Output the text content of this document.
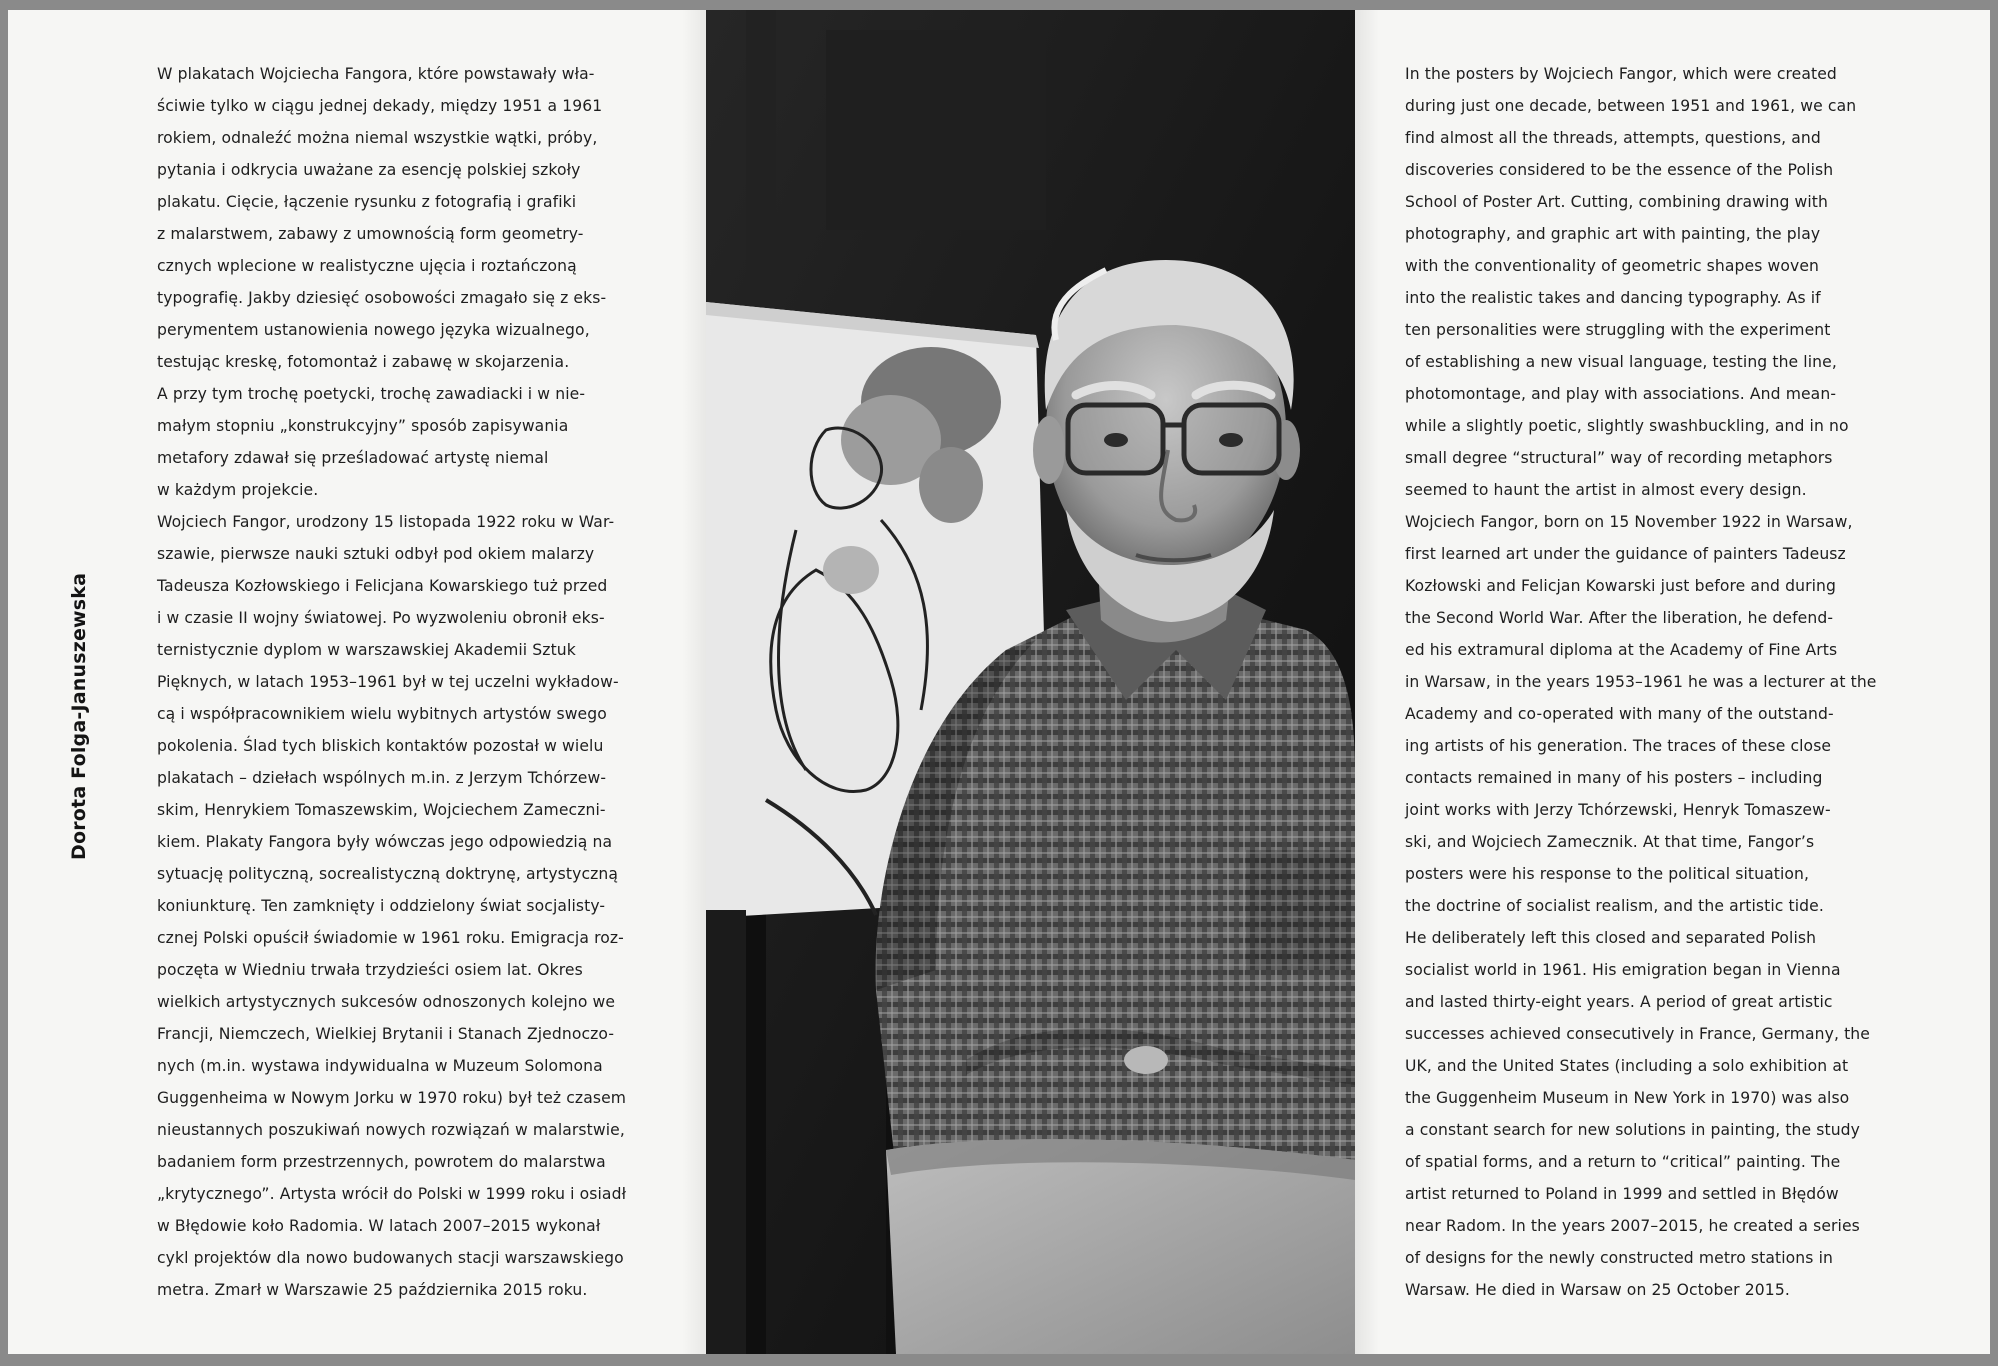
Dorota Folga-Januszewska
W plakatach Wojciecha Fangora, które powstawały wła-
ściwie tylko w ciągu jednej dekady, między 1951 a 1961
rokiem, odnaleźć można niemal wszystkie wątki, próby,
pytania i odkrycia uważane za esencję polskiej szkoły
plakatu. Cięcie, łączenie rysunku z fotografią i grafiki
z malarstwem, zabawy z umownością form geometry-
cznych wplecione w realistyczne ujęcia i roztańczoną
typografię. Jakby dziesięć osobowości zmagało się z eks-
perymentem ustanowienia nowego języka wizualnego,
testując kreskę, fotomontaż i zabawę w skojarzenia.
A przy tym trochę poetycki, trochę zawadiacki i w nie-
małym stopniu „konstrukcyjny” sposób zapisywania
metafory zdawał się prześladować artystę niemal
w każdym projekcie.
Wojciech Fangor, urodzony 15 listopada 1922 roku w War-
szawie, pierwsze nauki sztuki odbył pod okiem malarzy
Tadeusza Kozłowskiego i Felicjana Kowarskiego tuż przed
i w czasie II wojny światowej. Po wyzwoleniu obronił eks-
ternistycznie dyplom w warszawskiej Akademii Sztuk
Pięknych, w latach 1953–1961 był w tej uczelni wykładow-
cą i współpracownikiem wielu wybitnych artystów swego
pokolenia. Ślad tych bliskich kontaktów pozostał w wielu
plakatach – dziełach wspólnych m.in. z Jerzym Tchórzew-
skim, Henrykiem Tomaszewskim, Wojciechem Zameczni-
kiem. Plakaty Fangora były wówczas jego odpowiedzią na
sytuację polityczną, socrealistyczną doktrynę, artystyczną
koniunkturę. Ten zamknięty i oddzielony świat socjalisty-
cznej Polski opuścił świadomie w 1961 roku. Emigracja roz-
poczęta w Wiedniu trwała trzydzieści osiem lat. Okres
wielkich artystycznych sukcesów odnoszonych kolejno we
Francji, Niemczech, Wielkiej Brytanii i Stanach Zjednoczo-
nych (m.in. wystawa indywidualna w Muzeum Solomona
Guggenheima w Nowym Jorku w 1970 roku) był też czasem
nieustannych poszukiwań nowych rozwiązań w malarstwie,
badaniem form przestrzennych, powrotem do malarstwa
„krytycznego”. Artysta wrócił do Polski w 1999 roku i osiadł
w Błędowie koło Radomia. W latach 2007–2015 wykonał
cykl projektów dla nowo budowanych stacji warszawskiego
metra. Zmarł w Warszawie 25 października 2015 roku.
In the posters by Wojciech Fangor, which were created
during just one decade, between 1951 and 1961, we can
find almost all the threads, attempts, questions, and
discoveries considered to be the essence of the Polish
School of Poster Art. Cutting, combining drawing with
photography, and graphic art with painting, the play
with the conventionality of geometric shapes woven
into the realistic takes and dancing typography. As if
ten personalities were struggling with the experiment
of establishing a new visual language, testing the line,
photomontage, and play with associations. And mean-
while a slightly poetic, slightly swashbuckling, and in no
small degree “structural” way of recording metaphors
seemed to haunt the artist in almost every design.
Wojciech Fangor, born on 15 November 1922 in Warsaw,
first learned art under the guidance of painters Tadeusz
Kozłowski and Felicjan Kowarski just before and during
the Second World War. After the liberation, he defend-
ed his extramural diploma at the Academy of Fine Arts
in Warsaw, in the years 1953–1961 he was a lecturer at the
Academy and co-operated with many of the outstand-
ing artists of his generation. The traces of these close
contacts remained in many of his posters – including
joint works with Jerzy Tchórzewski, Henryk Tomaszew-
ski, and Wojciech Zamecznik. At that time, Fangor’s
posters were his response to the political situation,
the doctrine of socialist realism, and the artistic tide.
He deliberately left this closed and separated Polish
socialist world in 1961. His emigration began in Vienna
and lasted thirty-eight years. A period of great artistic
successes achieved consecutively in France, Germany, the
UK, and the United States (including a solo exhibition at
the Guggenheim Museum in New York in 1970) was also
a constant search for new solutions in painting, the study
of spatial forms, and a return to “critical” painting. The
artist returned to Poland in 1999 and settled in Błędów
near Radom. In the years 2007–2015, he created a series
of designs for the newly constructed metro stations in
Warsaw. He died in Warsaw on 25 October 2015.
